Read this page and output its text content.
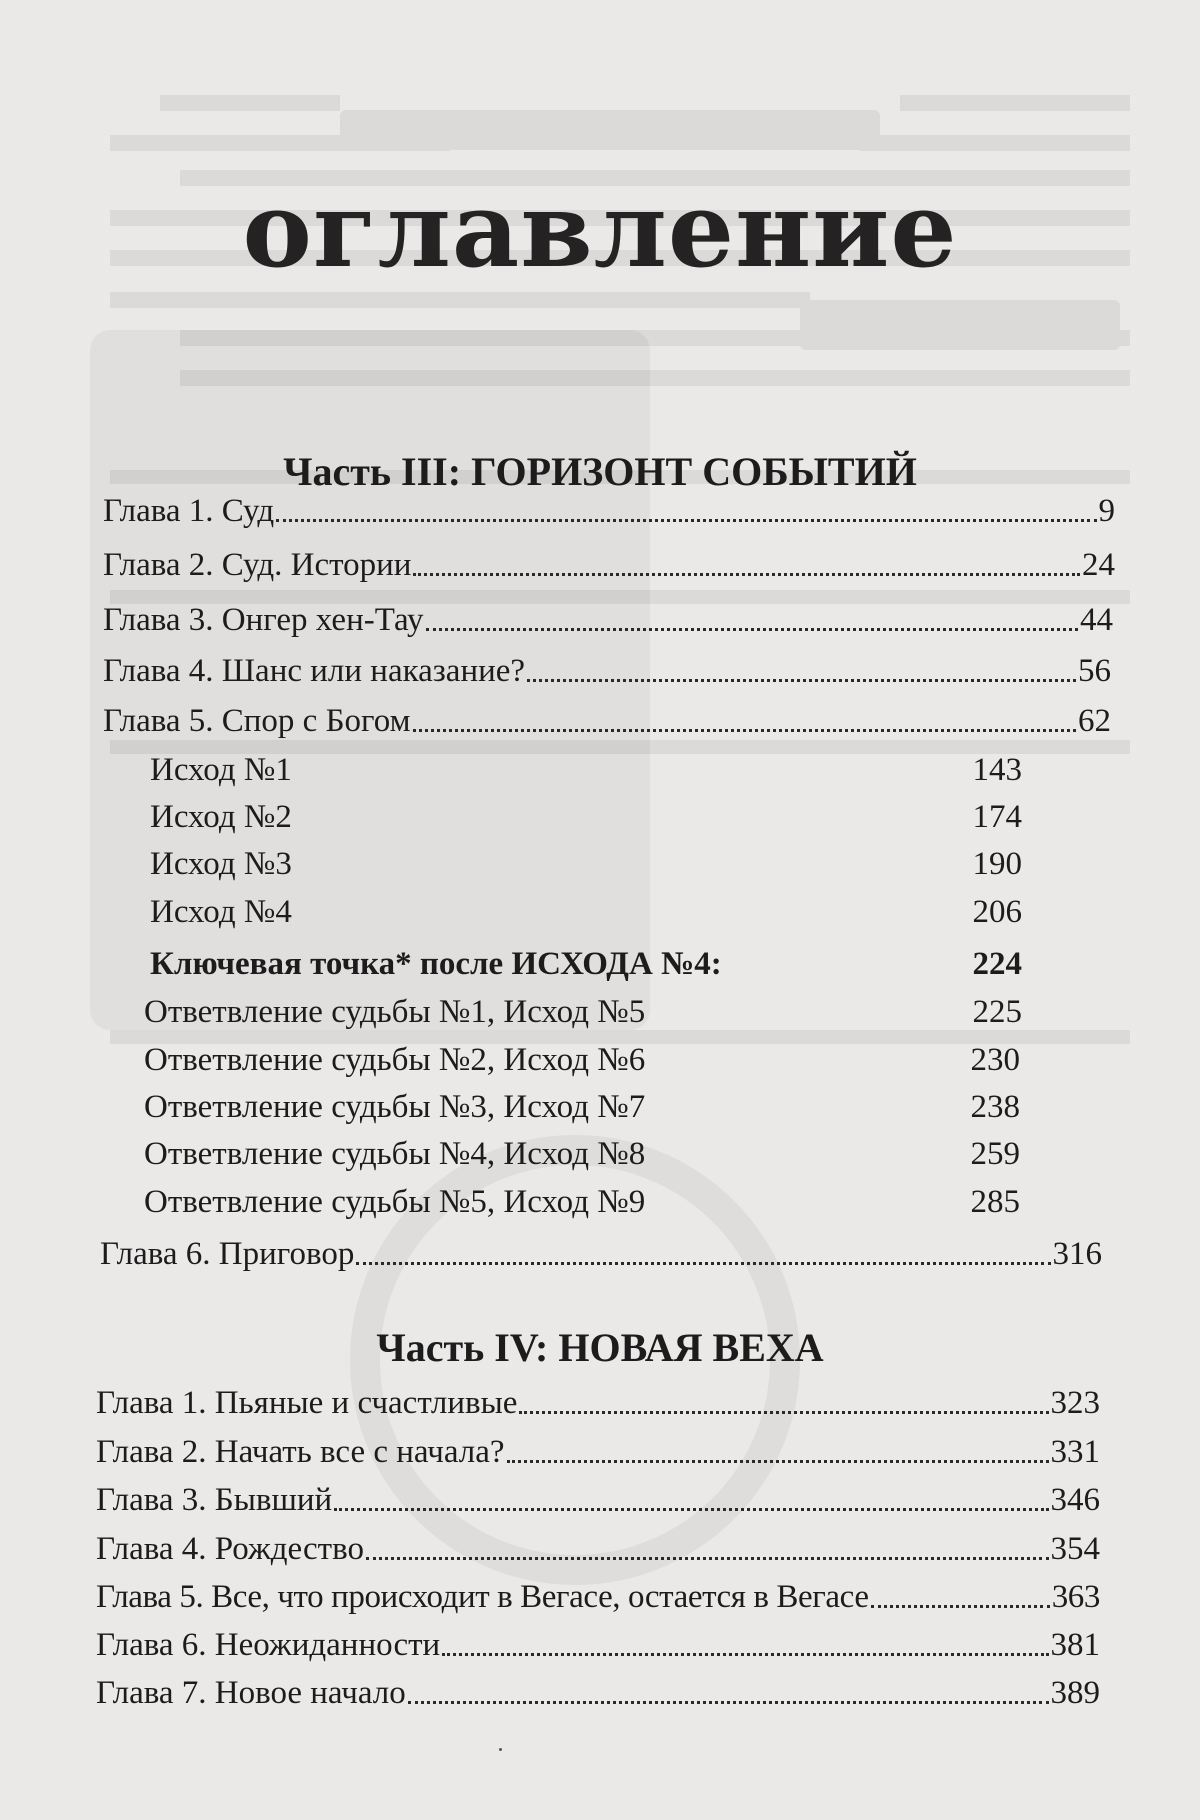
оглавление
Часть III: ГОРИЗОНТ СОБЫТИЙ
Глава 1. Суд	9
Глава 2. Суд. Истории	24
Глава 3. Онгер хен-Тау	44
Глава 4. Шанс или наказание?	56
Глава 5. Спор с Богом	62
Исход №1	143
Исход №2	174
Исход №3	190
Исход №4	206
Ключевая точка* после ИСХОДА №4:	224
Ответвление судьбы №1, Исход №5	225
Ответвление судьбы №2, Исход №6	230
Ответвление судьбы №3, Исход №7	238
Ответвление судьбы №4, Исход №8	259
Ответвление судьбы №5, Исход №9	285
Глава 6. Приговор	316
Часть IV: НОВАЯ ВЕХА
Глава 1. Пьяные и счастливые	323
Глава 2. Начать все с начала?	331
Глава 3. Бывший	346
Глава 4. Рождество	354
Глава 5. Все, что происходит в Вегасе, остается в Вегасе	363
Глава 6. Неожиданности	381
Глава 7. Новое начало	389
